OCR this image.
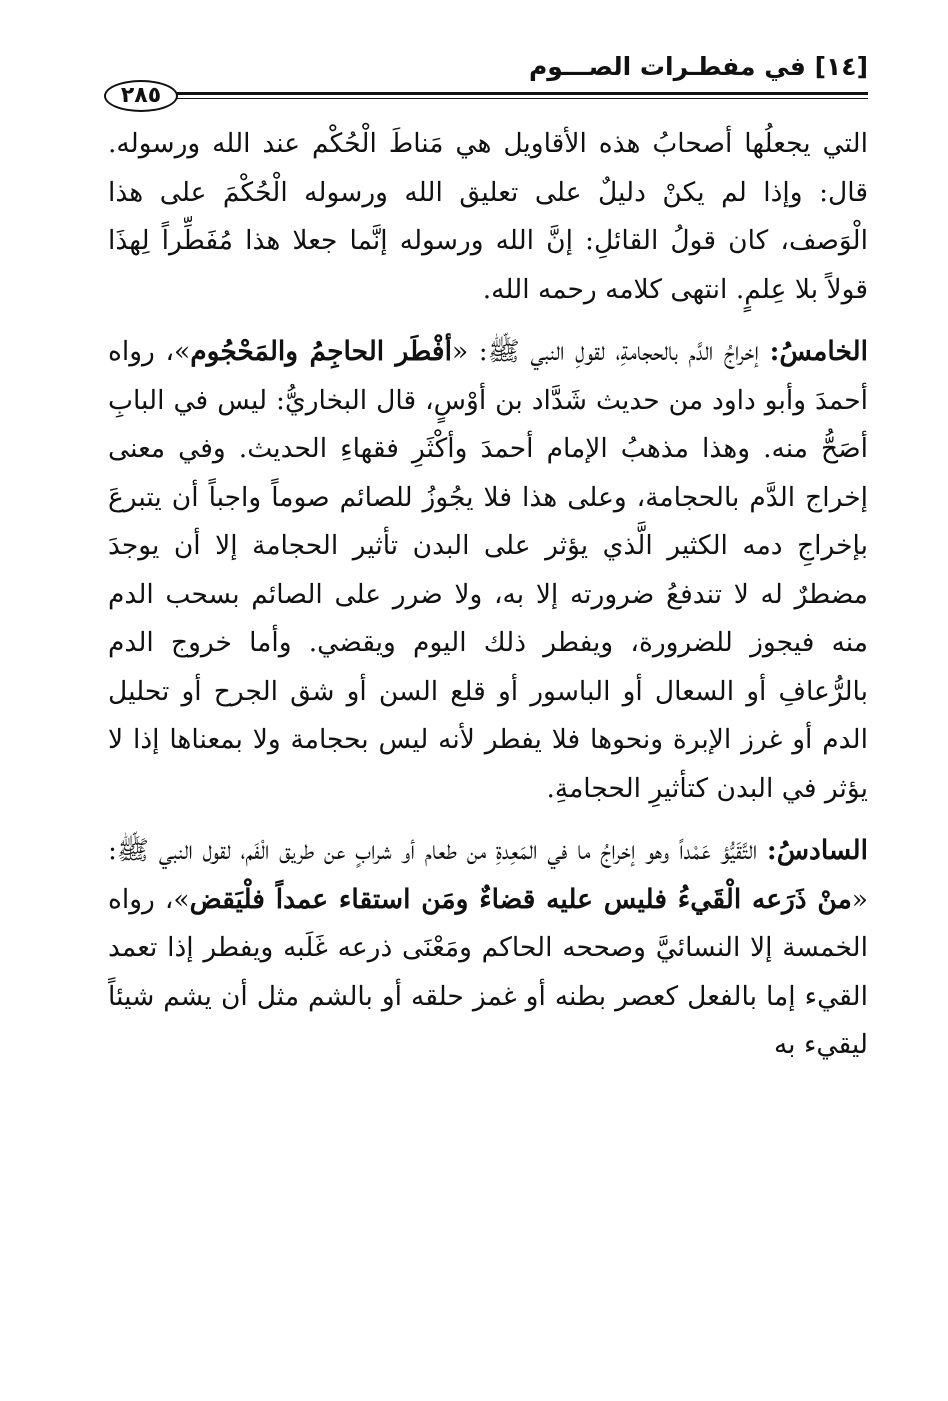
[١٤] في مفطـرات الصـــوم
٢٨٥

التي يجعلُها أصحابُ هذه الأقاويل هي مَناطَ الْحُكْم عند الله ورسوله. قال: وإذا لم يكنْ دليلٌ على تعليق الله ورسوله الْحُكْمَ على هذا الْوَصف، كان قولُ القائلِ: إنَّ الله ورسوله إنَّما جعلا هذا مُفَطِّراً لِهذَا قولاً بلا عِلمٍ. انتهى كلامه رحمه الله.

الخامسُ: إخراجُ الدَّم بالحجامةِ، لقولِ النبي ﷺ: «أفْطَر الحاجِمُ والمَحْجُوم»، رواه أحمدَ وأبو داود من حديث شَدَّاد بن أوْسٍ، قال البخاريُّ: ليس في البابِ أصَحُّ منه. وهذا مذهبُ الإمام أحمدَ وأكْثَرِ فقهاءِ الحديث. وفي معنى إخراج الدَّم بالحجامة، وعلى هذا فلا يجُوزُ للصائم صوماً واجباً أن يتبرعَ بإخراجِ دمه الكثير الَّذي يؤثر على البدن تأثير الحجامة إلا أن يوجدَ مضطرٌ له لا تندفعُ ضرورته إلا به، ولا ضرر على الصائم بسحب الدم منه فيجوز للضرورة، ويفطر ذلك اليوم ويقضي. وأما خروج الدم بالرُّعافِ أو السعال أو الباسور أو قلع السن أو شق الجرح أو تحليل الدم أو غرز الإبرة ونحوها فلا يفطر لأنه ليس بحجامة ولا بمعناها إذا لا يؤثر في البدن كتأثيرِ الحجامةِ.

السادسُ: التَّقَيُّؤ عَمْداً وهو إخراجُ ما في المَعِدةِ من طعام أو شرابٍ عن طريق الْفَم، لقول النبي ﷺ: «منْ ذَرَعه الْقَيءُ فليس عليه قضاءٌ ومَن استقاء عمداً فلْيَقض»، رواه الخمسة إلا النسائيَّ وصححه الحاكم ومَعْنَى ذرعه غَلَبه ويفطر إذا تعمد القيء إما بالفعل كعصر بطنه أو غمز حلقه أو بالشم مثل أن يشم شيئاً ليقيء به
